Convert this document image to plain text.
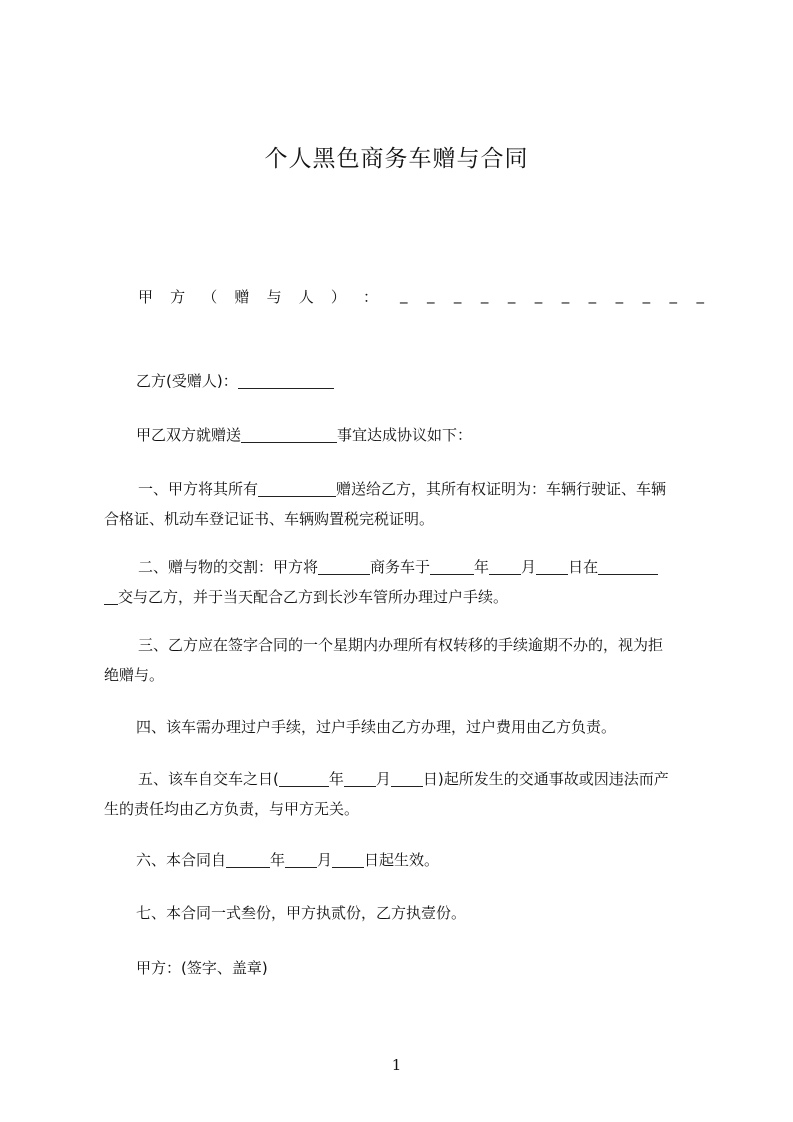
个人黑色商务车赠与合同
甲 方 （ 赠 与 人 ） ： _ _ _ _ _ _ _ _ _ _ _ _
乙方(受赠人)：
甲乙双方就赠送	事宜达成协议如下：
一、甲方将其所有	赠送给乙方，其所有权证明为：车辆行驶证、车辆
合格证、机动车登记证书、车辆购置税完税证明。
二、赠与物的交割：甲方将	商务车于	年 月 日在
交与乙方，并于当天配合乙方到长沙车管所办理过户手续。
三、乙方应在签字合同的一个星期内办理所有权转移的手续逾期不办的，视为拒
绝赠与。
四、该车需办理过户手续，过户手续由乙方办理，过户费用由乙方负责。
五、该车自交车之日(	年 月 日)起所发生的交通事故或因违法而产
生的责任均由乙方负责，与甲方无关。
六、本合同自	年 月 日起生效。
七、本合同一式叁份，甲方执贰份，乙方执壹份。
甲方：(签字、盖章)
1
